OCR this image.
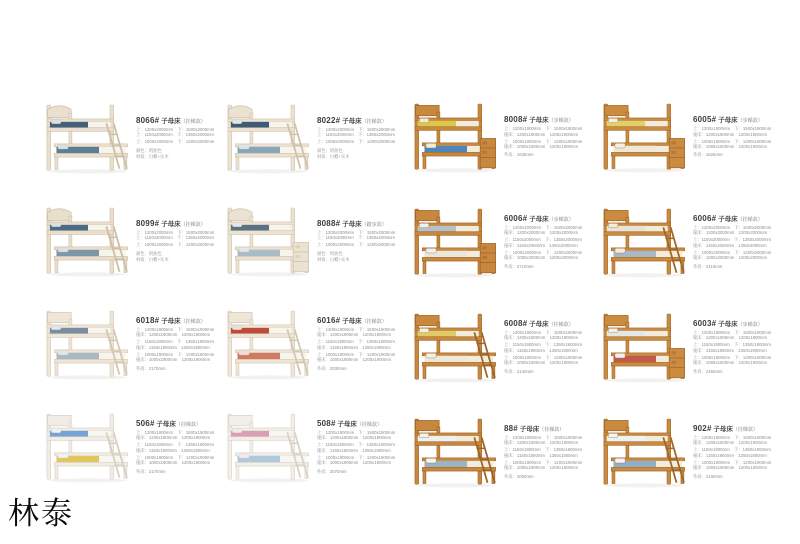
8066# 子母床（挂梯款）
上：1200x2000mm　下：1500x2000mm
上：1150x2000mm　下：1350x2000mm
上：1000x2000mm　下：1200x2000mm
颜色：奶油色
材质：白蜡+实木
8022# 子母床（挂梯款）
上：1200x2000mm　下：1500x2000mm
上：1150x2000mm　下：1350x2000mm
上：1000x2000mm　下：1200x2000mm
颜色：奶油色
材质：白蜡+实木
8099# 子母床（挂梯款）
上：1200x2000mm　下：1500x2000mm
上：1150x2000mm　下：1350x2000mm
上：1000x2000mm　下：1200x2000mm
颜色：奶油色
材质：白蜡+实木
8088# 子母床（踏步款）
上：1200x2000mm　下：1500x2000mm
上：1150x2000mm　下：1350x2000mm
上：1000x2000mm　下：1200x2000mm
颜色：奶油色
材质：白蜡+实木
6018# 子母床（挂梯款）
上：1200x1900mm　下：1500x1900mm
拖床：1200x1900mm　1200x1900mm
上：1150x1900mm　下：1350x1900mm
拖床：1150x1900mm　1350x1900mm
上：1000x1900mm　下：1200x1900mm
拖床：1000x1900mm　1200x1900mm
外高：2170mm
6016# 子母床（挂梯款）
上：1200x1900mm　下：1500x1900mm
拖床：1200x1900mm　1200x1900mm
上：1150x1900mm　下：1350x1900mm
拖床：1150x1900mm　1350x1900mm
上：1000x1900mm　下：1200x1900mm
拖床：1000x1900mm　1200x1900mm
外高：2030mm
506# 子母床（挂梯款）
上：1200x1900mm　下：1500x1900mm
拖床：1200x1900mm　1200x1900mm
上：1150x1900mm　下：1350x1900mm
拖床：1150x1900mm　1350x1900mm
上：1000x1900mm　下：1200x1900mm
拖床：1000x1900mm　1200x1900mm
外高：2170mm
508# 子母床（挂梯款）
上：1200x1900mm　下：1500x1900mm
拖床：1200x1900mm　1200x1900mm
上：1150x1900mm　下：1350x1900mm
拖床：1150x1900mm　1350x1900mm
上：1000x1900mm　下：1200x1900mm
拖床：1000x1900mm　1200x1900mm
外高：2070mm
8008# 子母床（步梯款）
上：1200x1900mm　下：1500x1900mm
拖床：1200x1900mm　1200x1900mm
上：1000x1900mm　下：1200x1900mm
拖床：1000x1900mm　1200x1900mm
外高：1636mm
6005# 子母床（步梯款）
上：1200x1900mm　下：1500x1900mm
拖床：1200x1900mm　1200x1900mm
上：1000x1900mm　下：1200x1900mm
拖床：1000x1900mm　1200x1900mm
外高：1626mm
6006# 子母床（步梯款）
上：1200x2000mm　下：1500x2000mm
拖床：1200x2000mm　1200x2000mm
上：1150x2000mm　下：1350x2000mm
拖床：1150x2000mm　1350x2000mm
上：1000x2000mm　下：1200x2000mm
拖床：1000x2000mm　1200x2000mm
外高：2710mm
6006# 子母床（挂梯款）
上：1200x2000mm　下：1500x2000mm
拖床：1200x2000mm　1200x2000mm
上：1150x2000mm　下：1350x2000mm
拖床：1150x2000mm　1350x2000mm
上：1000x2000mm　下：1200x2000mm
拖床：1000x2000mm　1200x2000mm
外高：2110mm
6008# 子母床（挂梯款）
上：1200x1900mm　下：1500x1900mm
拖床：1200x1900mm　1200x1900mm
上：1150x1900mm　下：1350x1900mm
拖床：1150x1900mm　1350x1900mm
上：1000x1900mm　下：1200x1900mm
拖床：1000x1900mm　1200x1900mm
外高：2140mm
6003# 子母床（步梯款）
上：1200x1900mm　下：1500x1900mm
拖床：1200x1900mm　1200x1900mm
上：1150x1900mm　下：1350x1900mm
拖床：1150x1900mm　1350x1900mm
上：1000x1900mm　下：1200x1900mm
拖床：1000x1900mm　1200x1900mm
外高：2450mm
88# 子母床（挂梯款）
上：1200x1900mm　下：1500x1900mm
拖床：1200x1900mm　1200x1900mm
上：1150x1900mm　下：1350x1900mm
拖床：1150x1900mm　1350x1900mm
上：1000x1900mm　下：1200x1900mm
拖床：1000x1900mm　1200x1900mm
外高：2060mm
902# 子母床（挂梯款）
上：1200x1900mm　下：1500x1900mm
拖床：1200x1900mm　1200x1900mm
上：1150x1900mm　下：1350x1900mm
拖床：1150x1900mm　1350x1900mm
上：1000x1900mm　下：1200x1900mm
拖床：1000x1900mm　1200x1900mm
外高：2180mm
林泰
